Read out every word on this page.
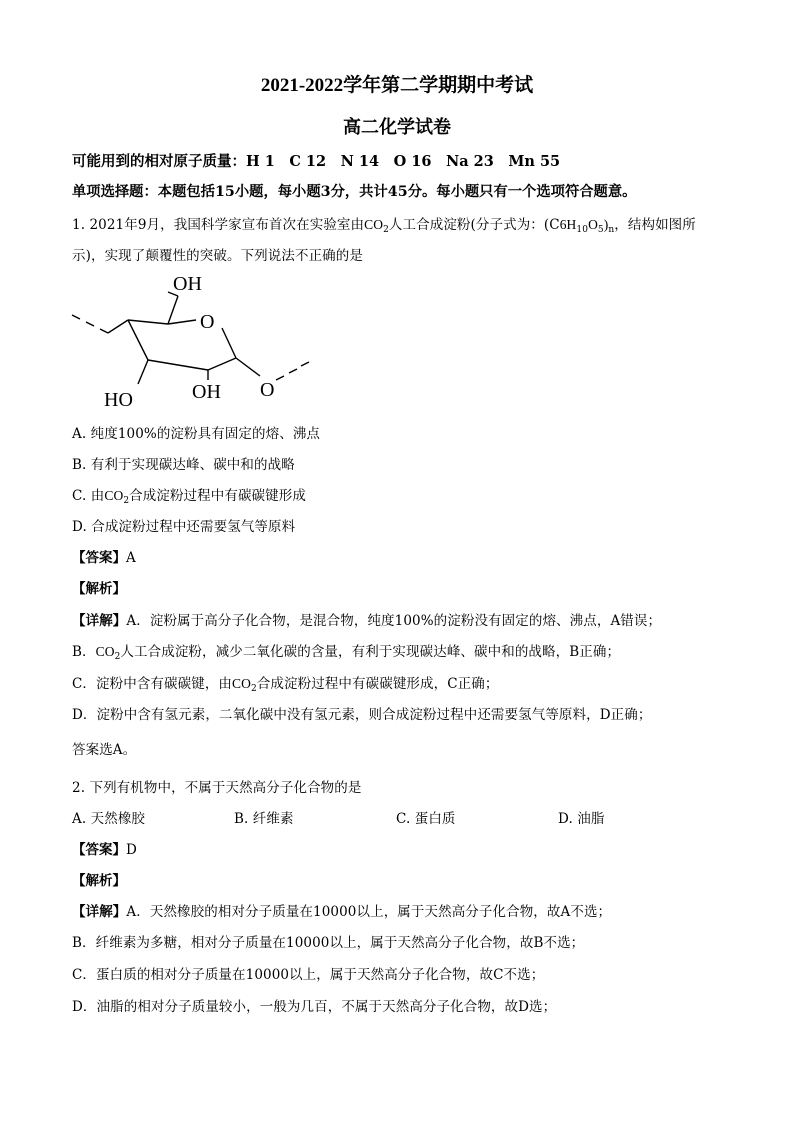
2021-2022学年第二学期期中考试
高二化学试卷
可能用到的相对原子质量：H 1　C 12　N 14　O 16　Na 23　Mn 55
单项选择题：本题包括15小题，每小题3分，共计45分。每小题只有一个选项符合题意。
1. 2021年9月，我国科学家宣布首次在实验室由$CO_2$人工合成淀粉(分子式为：$(C6H_{10}O_5)_n$，结构如图所
示)，实现了颠覆性的突破。下列说法不正确的是
OH
O
HO	OH O
A. 纯度100%的淀粉具有固定的熔、沸点
B. 有利于实现碳达峰、碳中和的战略
C. 由$CO_2$合成淀粉过程中有碳碳键形成
D. 合成淀粉过程中还需要氢气等原料
【答案】A
【解析】
【详解】A．淀粉属于高分子化合物，是混合物，纯度100%的淀粉没有固定的熔、沸点，A错误；
B．$CO_2$人工合成淀粉，减少二氧化碳的含量，有利于实现碳达峰、碳中和的战略，B正确；
C．淀粉中含有碳碳键，由$CO_2$合成淀粉过程中有碳碳键形成，C正确；
D．淀粉中含有氢元素，二氧化碳中没有氢元素，则合成淀粉过程中还需要氢气等原料，D正确；
答案选A。
2. 下列有机物中，不属于天然高分子化合物的是
A. 天然橡胶	B. 纤维素	C. 蛋白质	D. 油脂
【答案】D
【解析】
【详解】A．天然橡胶的相对分子质量在10000以上，属于天然高分子化合物，故A不选；
B．纤维素为多糖，相对分子质量在10000以上，属于天然高分子化合物，故B不选；
C．蛋白质的相对分子质量在10000以上，属于天然高分子化合物，故C不选；
D．油脂的相对分子质量较小，一般为几百，不属于天然高分子化合物，故D选；
